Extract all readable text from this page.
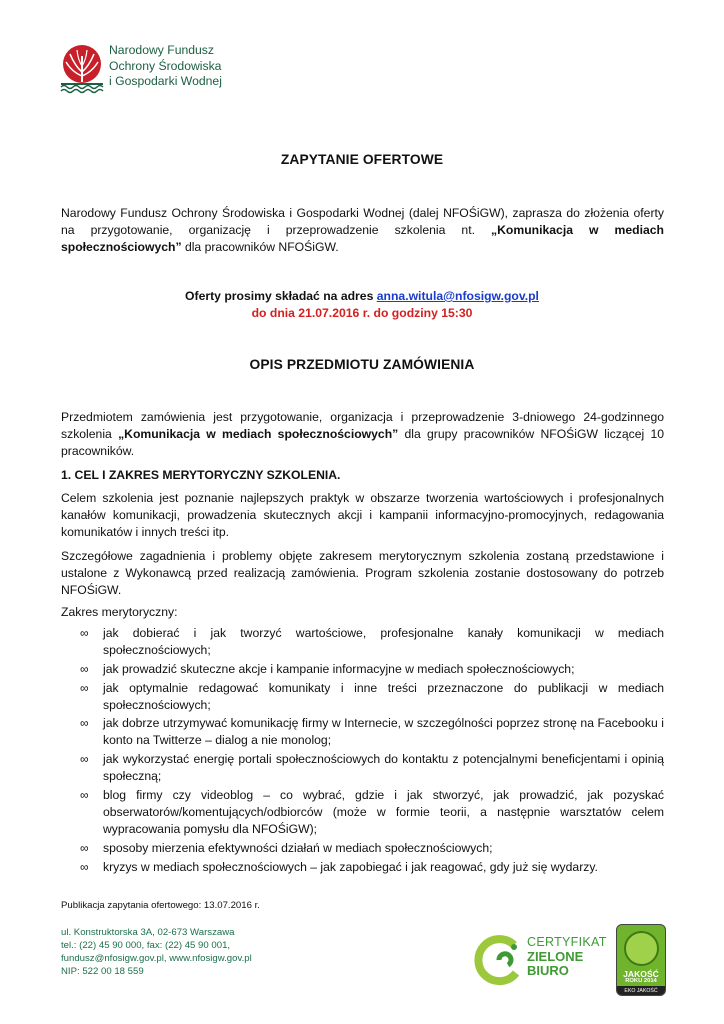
Narodowy Fundusz
Ochrony Środowiska
i Gospodarki Wodnej
ZAPYTANIE OFERTOWE
Narodowy Fundusz Ochrony Środowiska i Gospodarki Wodnej (dalej NFOŚiGW), zaprasza do złożenia oferty na przygotowanie, organizację i przeprowadzenie szkolenia nt. „Komunikacja w mediach społecznościowych” dla pracowników NFOŚiGW.
Oferty prosimy składać na adres anna.witula@nfosigw.gov.pl
do dnia 21.07.2016 r. do godziny 15:30
OPIS PRZEDMIOTU ZAMÓWIENIA
Przedmiotem zamówienia jest przygotowanie, organizacja i przeprowadzenie 3-dniowego 24-godzinnego szkolenia „Komunikacja w mediach społecznościowych” dla grupy pracowników NFOŚiGW liczącej 10 pracowników.
1. CEL I ZAKRES MERYTORYCZNY SZKOLENIA.
Celem szkolenia jest poznanie najlepszych praktyk w obszarze tworzenia wartościowych i profesjonalnych kanałów komunikacji, prowadzenia skutecznych akcji i kampanii informacyjno-promocyjnych, redagowania komunikatów i innych treści itp.
Szczegółowe zagadnienia i problemy objęte zakresem merytorycznym szkolenia zostaną przedstawione i ustalone z Wykonawcą przed realizacją zamówienia. Program szkolenia zostanie dostosowany do potrzeb NFOŚiGW.
Zakres merytoryczny:
∞ jak dobierać i jak tworzyć wartościowe, profesjonalne kanały komunikacji w mediach społecznościowych;
∞ jak prowadzić skuteczne akcje i kampanie informacyjne w mediach społecznościowych;
∞ jak optymalnie redagować komunikaty i inne treści przeznaczone do publikacji w mediach społecznościowych;
∞ jak dobrze utrzymywać komunikację firmy w Internecie, w szczególności poprzez stronę na Facebooku i konto na Twitterze – dialog a nie monolog;
∞ jak wykorzystać energię portali społecznościowych do kontaktu z potencjalnymi beneficjentami i opinią społeczną;
∞ blog firmy czy videoblog – co wybrać, gdzie i jak stworzyć, jak prowadzić, jak pozyskać obserwatorów/komentujących/odbiorców (może w formie teorii, a następnie warsztatów celem wypracowania pomysłu dla NFOŚiGW);
∞ sposoby mierzenia efektywności działań w mediach społecznościowych;
∞ kryzys w mediach społecznościowych – jak zapobiegać i jak reagować, gdy już się wydarzy.
Publikacja zapytania ofertowego: 13.07.2016 r.
ul. Konstruktorska 3A, 02-673 Warszawa
tel.: (22) 45 90 000, fax: (22) 45 90 001,
fundusz@nfosigw.gov.pl, www.nfosigw.gov.pl
NIP: 522 00 18 559
CERTYFIKAT
ZIELONE
BIURO	JAKOŚĆ
ROKU 2014
EKO JAKOŚĆ
